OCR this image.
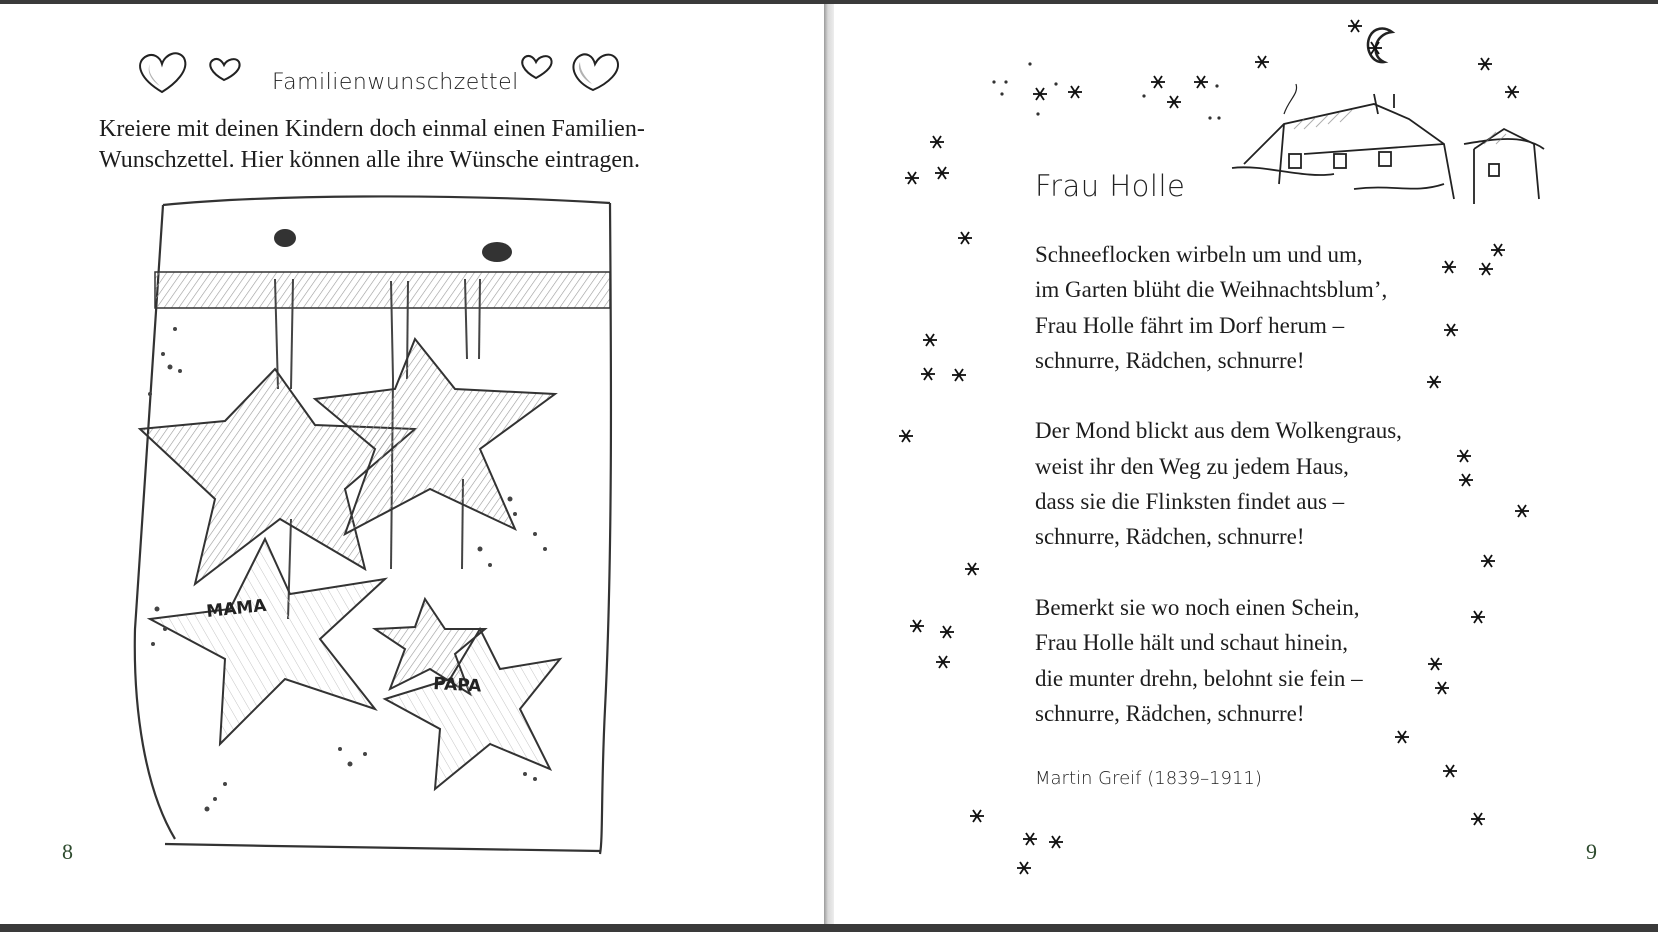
Familienwunschzettel
Kreiere mit deinen Kindern doch einmal einen Familien-
Wunschzettel. Hier können alle ihre Wünsche eintragen.
MAMA
PAPA
8
Frau Holle
Schneeflocken wirbeln um und um,
im Garten blüht die Weihnachtsblum’,
Frau Holle fährt im Dorf herum –
schnurre, Rädchen, schnurre!
Der Mond blickt aus dem Wolkengraus,
weist ihr den Weg zu jedem Haus,
dass sie die Flinksten findet aus –
schnurre, Rädchen, schnurre!
Bemerkt sie wo noch einen Schein,
Frau Holle hält und schaut hinein,
die munter drehn, belohnt sie fein –
schnurre, Rädchen, schnurre!
Martin Greif (1839–1911)
9
